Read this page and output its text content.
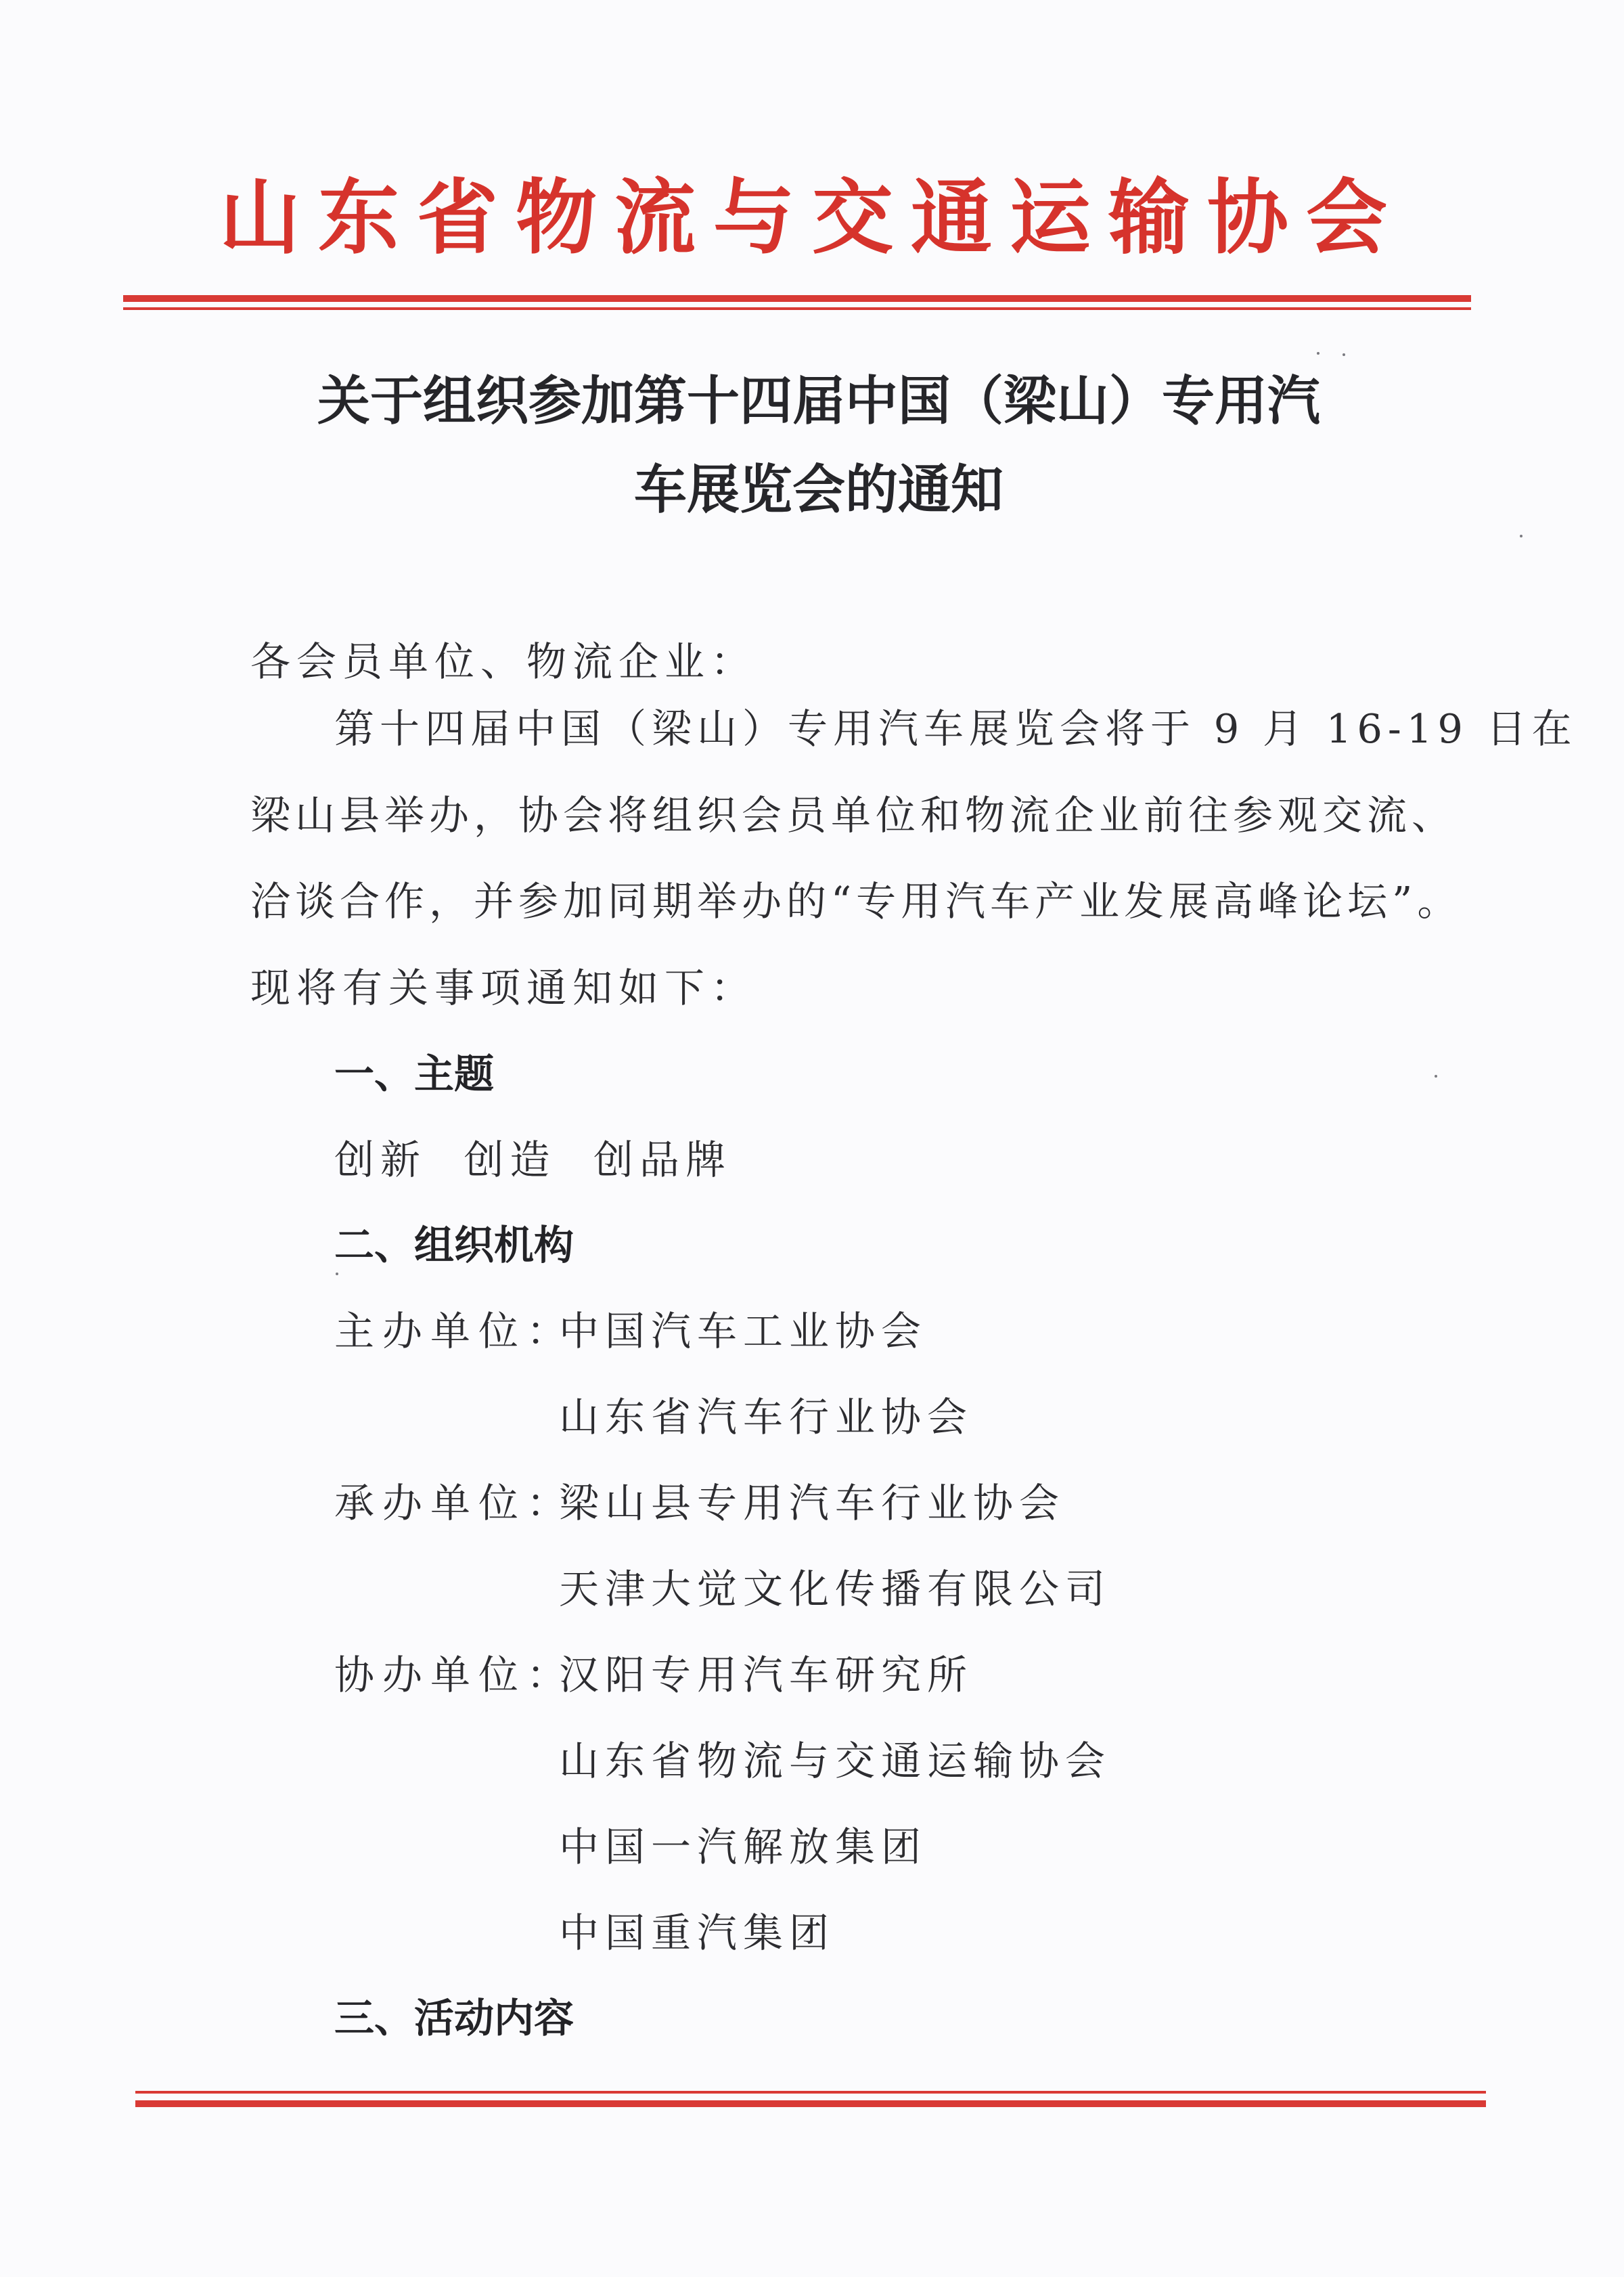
山东省物流与交通运输协会
关于组织参加第十四届中国（梁山）专用汽
车展览会的通知
各会员单位、物流企业：
第十四届中国（梁山）专用汽车展览会将于 9 月 16-19 日在
梁山县举办，协会将组织会员单位和物流企业前往参观交流、
洽谈合作，并参加同期举办的“专用汽车产业发展高峰论坛”。
现将有关事项通知如下：
一、主题
创新  创造  创品牌
二、组织机构
主办单位：
中国汽车工业协会
山东省汽车行业协会
承办单位：
梁山县专用汽车行业协会
天津大觉文化传播有限公司
协办单位：
汉阳专用汽车研究所
山东省物流与交通运输协会
中国一汽解放集团
中国重汽集团
三、活动内容
